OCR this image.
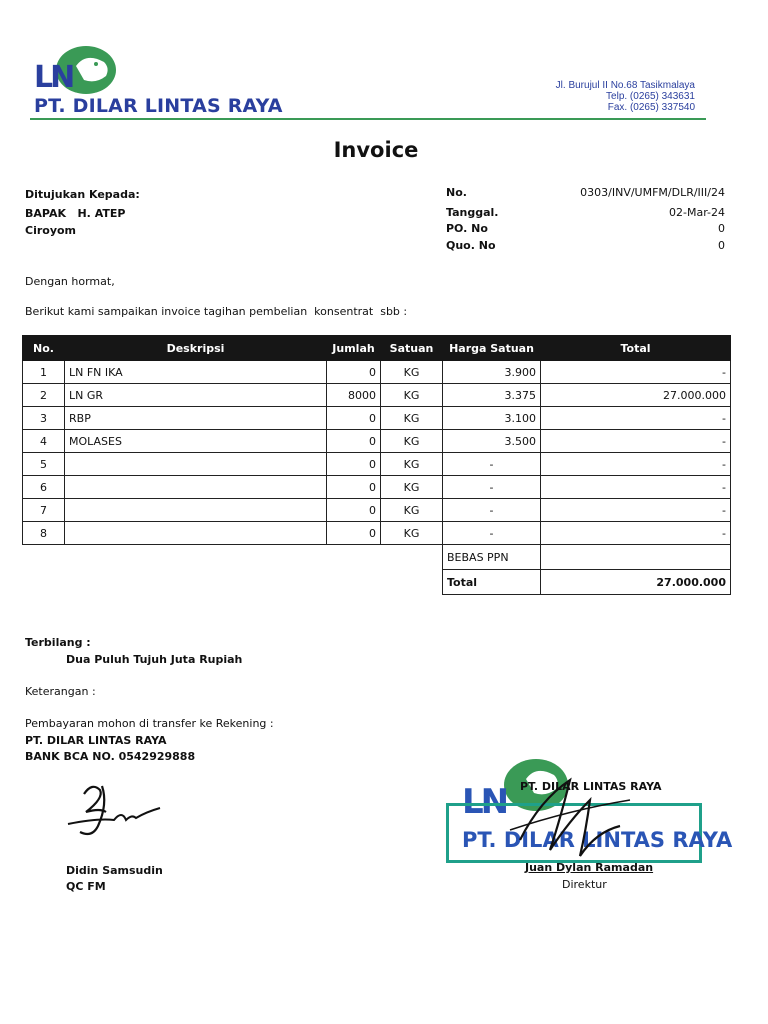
LN
PT. DILAR LINTAS RAYA
Jl. Burujul II No.68 Tasikmalaya
Telp. (0265) 343631
Fax. (0265) 337540
Invoice
Ditujukan Kepada:
BAPAK   H. ATEP
Ciroyom
No.	0303/INV/UMFM/DLR/III/24
Tanggal.	02-Mar-24
PO. No	0
Quo. No	0
Dengan hormat,
Berikut kami sampaikan invoice tagihan pembelian  konsentrat  sbb :
No.	Deskripsi	Jumlah	Satuan	Harga Satuan	Total
1	LN FN IKA	0	KG	3.900	-
2	LN GR	8000	KG	3.375	27.000.000
3	RBP	0	KG	3.100	-
4	MOLASES	0	KG	3.500	-
5		0	KG	-	-
6		0	KG	-	-
7		0	KG	-	-
8		0	KG	-	-
				BEBAS PPN	
				Total	27.000.000
Terbilang :
Dua Puluh Tujuh Juta Rupiah
Keterangan :
Pembayaran mohon di transfer ke Rekening :
PT. DILAR LINTAS RAYA
BANK BCA NO. 0542929888
Didin Samsudin
QC FM
LN
PT. DILAR LINTAS RAYA
PT. DILAR LINTAS RAYA
Juan Dylan Ramadan
Direktur
